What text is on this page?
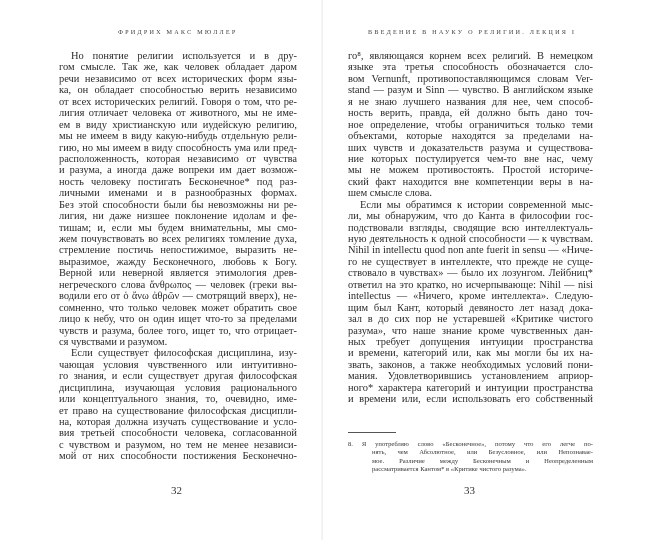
ФРИДРИХ МАКС МЮЛЛЕР
Но понятие религии используется и в дру-
гом смысле. Так же, как человек обладает даром
речи независимо от всех исторических форм язы-
ка, он обладает способностью верить независимо
от всех исторических религий. Говоря о том, что ре-
лигия отличает человека от животного, мы не име-
ем в виду христианскую или иудейскую религию,
мы не имеем в виду какую-нибудь отдельную рели-
гию, но мы имеем в виду способность ума или пред-
расположенность, которая независимо от чувства
и разума, а иногда даже вопреки им дает возмож-
ность человеку постигать Бесконечное* под раз-
личными именами и в разнообразных формах.
Без этой способности были бы невозможны ни ре-
лигия, ни даже низшее поклонение идолам и фе-
тишам; и, если мы будем внимательны, мы смо-
жем почувствовать во всех религиях томление духа,
стремление постичь непостижимое, выразить не-
выразимое, жажду Бесконечного, любовь к Богу.
Верной или неверной является этимология древ-
негреческого слова ἄνθρωπος — человек (греки вы-
водили его от ὁ ἄνω ἀθρῶν — смотрящий вверх), не-
сомненно, что только человек может обратить свое
лицо к небу, что он один ищет что-то за пределами
чувств и разума, более того, ищет то, что отрицает-
ся чувствами и разумом.
Если существует философская дисциплина, изу-
чающая условия чувственного или интуитивно-
го знания, и если существует другая философская
дисциплина, изучающая условия рационального
или концептуального знания, то, очевидно, име-
ет право на существование философская дисципли-
на, которая должна изучать существование и усло-
вия третьей способности человека, согласованной
с чувством и разумом, но тем не менее независи-
мой от них способности постижения Бесконечно-
32
ВВЕДЕНИЕ В НАУКУ О РЕЛИГИИ. ЛЕКЦИЯ I
го⁸, являющаяся корнем всех религий. В немецком
языке эта третья способность обозначается сло-
вом Vernunft, противопоставляющимся словам Ver-
stand — разум и Sinn — чувство. В английском языке
я не знаю лучшего названия для нее, чем способ-
ность верить, правда, ей должно быть дано точ-
ное определение, чтобы ограничиться только теми
объектами, которые находятся за пределами на-
ших чувств и доказательств разума и существова-
ние которых постулируется чем-то вне нас, чему
мы не можем противостоять. Простой историче-
ский факт находится вне компетенции веры в на-
шем смысле слова.
Если мы обратимся к истории современной мыс-
ли, мы обнаружим, что до Канта в философии гос-
подствовали взгляды, сводящие всю интеллектуаль-
ную деятельность к одной способности — к чувствам.
Nihil in intellectu quod non ante fuerit in sensu — «Ниче-
го не существует в интеллекте, что прежде не суще-
ствовало в чувствах» — было их лозунгом. Лейбниц*
ответил на это кратко, но исчерпывающе: Nihil — nisi
intellectus — «Ничего, кроме интеллекта». Следую-
щим был Кант, который девяносто лет назад дока-
зал в до сих пор не устаревшей «Критике чистого
разума», что наше знание кроме чувственных дан-
ных требует допущения интуиции пространства
и времени, категорий или, как мы могли бы их на-
звать, законов, а также необходимых условий пони-
мания. Удовлетворившись установлением априор-
ного* характера категорий и интуиции пространства
и времени или, если использовать его собственный
8. Я употребляю слово «Бесконечное», потому что его легче по-
нять, чем Абсолютное, или Безусловное, или Непознавае-
мое. Различие между Бесконечным и Неопределенным
рассматривается Кантом* в «Критике чистого разума».
33
